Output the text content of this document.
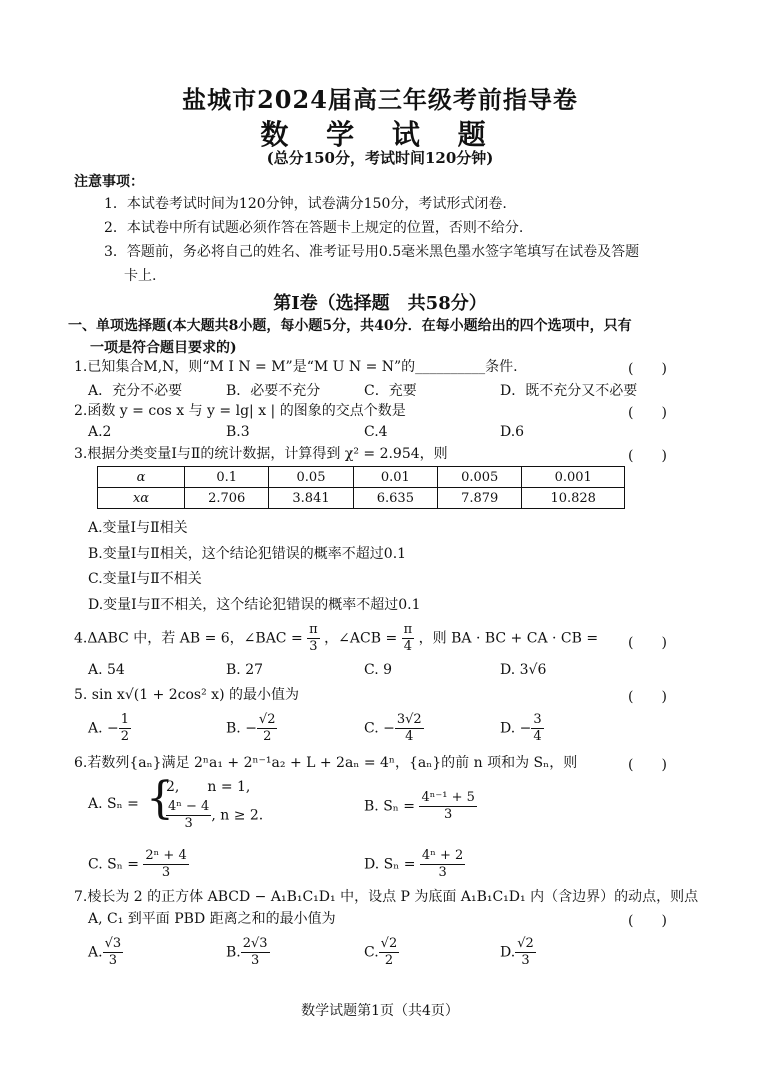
盐城市2024届高三年级考前指导卷
数 学 试 题
(总分150分，考试时间120分钟)
注意事项：
1．本试卷考试时间为120分钟，试卷满分150分，考试形式闭卷.
2．本试卷中所有试题必须作答在答题卡上规定的位置，否则不给分.
3．答题前，务必将自己的姓名、准考证号用0.5毫米黑色墨水签字笔填写在试卷及答题
卡上.
第Ⅰ卷（选择题　共58分）
一、单项选择题(本大题共8小题，每小题5分，共40分．在每小题给出的四个选项中，只有
一项是符合题目要求的)
1.已知集合M,N，则“M I N = M”是“M U N = N”的__________条件.	(　　)
A．充分不必要	B．必要不充分	C．充要	D．既不充分又不必要
2.函数 y = cos x 与 y = lg| x | 的图象的交点个数是	(　　)
A.2	B.3	C.4	D.6
3.根据分类变量Ⅰ与Ⅱ的统计数据，计算得到 χ² = 2.954，则	(　　)
α	0.1	0.05	0.01	0.005	0.001
xα	2.706	3.841	6.635	7.879	10.828
A.变量Ⅰ与Ⅱ相关
B.变量Ⅰ与Ⅱ相关，这个结论犯错误的概率不超过0.1
C.变量Ⅰ与Ⅱ不相关
D.变量Ⅰ与Ⅱ不相关，这个结论犯错误的概率不超过0.1
4.ΔABC 中，若 AB = 6，∠BAC = $\frac{\pi}{3}$ ，∠ACB = $\frac{\pi}{4}$ ，则 BA · BC + CA · CB =	(　　)
A. 54	B. 27	C. 9	D. 3√6
5. sin x√(1 + 2cos² x) 的最小值为	(　　)
A. − $\frac{1}{2}$	B. − $\frac{√2}{2}$	C. − $\frac{3√2}{4}$	D. − $\frac{3}{4}$
6.若数列{aₙ}满足 2ⁿa₁ + 2ⁿ⁻¹a₂ + L + 2aₙ = 4ⁿ，{aₙ}的前 n 项和为 Sₙ，则	(　　)
A. Sₙ = {
2,　　n = 1,
$\frac{\text{4ⁿ − 4}}{3}$ , n ≥ 2.
B. $S_n = \frac{\text{4ⁿ⁻¹ + 5}}{3}$
C. $S_n = \frac{\text{2ⁿ + 4}}{3}$	D. $S_n = \frac{\text{4ⁿ + 2}}{3}$
7.棱长为 2 的正方体 ABCD − A₁B₁C₁D₁ 中，设点 P 为底面 A₁B₁C₁D₁ 内（含边界）的动点，则点
A, C₁ 到平面 PBD 距离之和的最小值为	(　　)
A. $\frac{√3}{3}$	B. $\frac{2√3}{3}$	C. $\frac{√2}{2}$	D. $\frac{√2}{3}$
数学试题第1页（共4页）
